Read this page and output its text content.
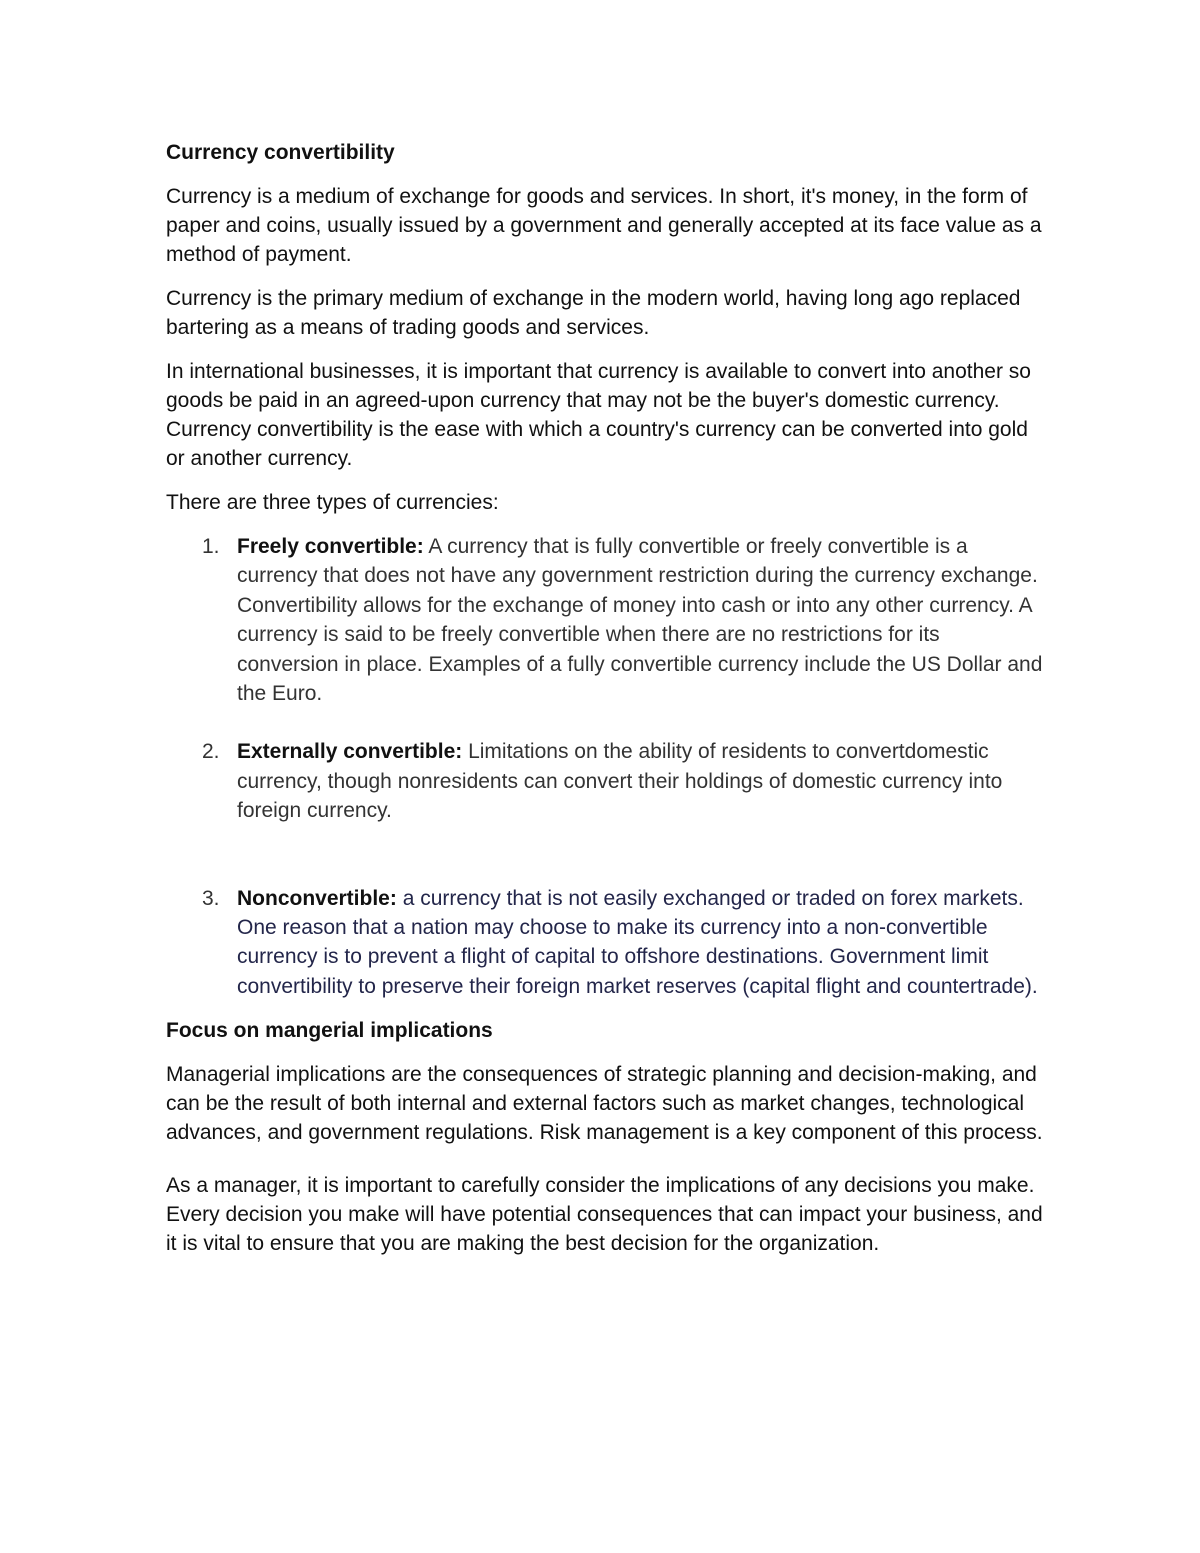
Currency convertibility

Currency is a medium of exchange for goods and services. In short, it's money, in the form of paper and coins, usually issued by a government and generally accepted at its face value as a method of payment.

Currency is the primary medium of exchange in the modern world, having long ago replaced bartering as a means of trading goods and services.

In international businesses, it is important that currency is available to convert into another so goods be paid in an agreed-upon currency that may not be the buyer's domestic currency. Currency convertibility is the ease with which a country's currency can be converted into gold or another currency.

There are three types of currencies:

1. Freely convertible: A currency that is fully convertible or freely convertible is a currency that does not have any government restriction during the currency exchange. Convertibility allows for the exchange of money into cash or into any other currency. A currency is said to be freely convertible when there are no restrictions for its conversion in place. Examples of a fully convertible currency include the US Dollar and the Euro.
2. Externally convertible: Limitations on the ability of residents to convertdomestic currency, though nonresidents can convert their holdings of domestic currency into foreign currency.
3. Nonconvertible: a currency that is not easily exchanged or traded on forex markets. One reason that a nation may choose to make its currency into a non-convertible currency is to prevent a flight of capital to offshore destinations. Government limit convertibility to preserve their foreign market reserves (capital flight and countertrade).
Focus on mangerial implications

Managerial implications are the consequences of strategic planning and decision-making, and can be the result of both internal and external factors such as market changes, technological advances, and government regulations. Risk management is a key component of this process.

As a manager, it is important to carefully consider the implications of any decisions you make. Every decision you make will have potential consequences that can impact your business, and it is vital to ensure that you are making the best decision for the organization.
